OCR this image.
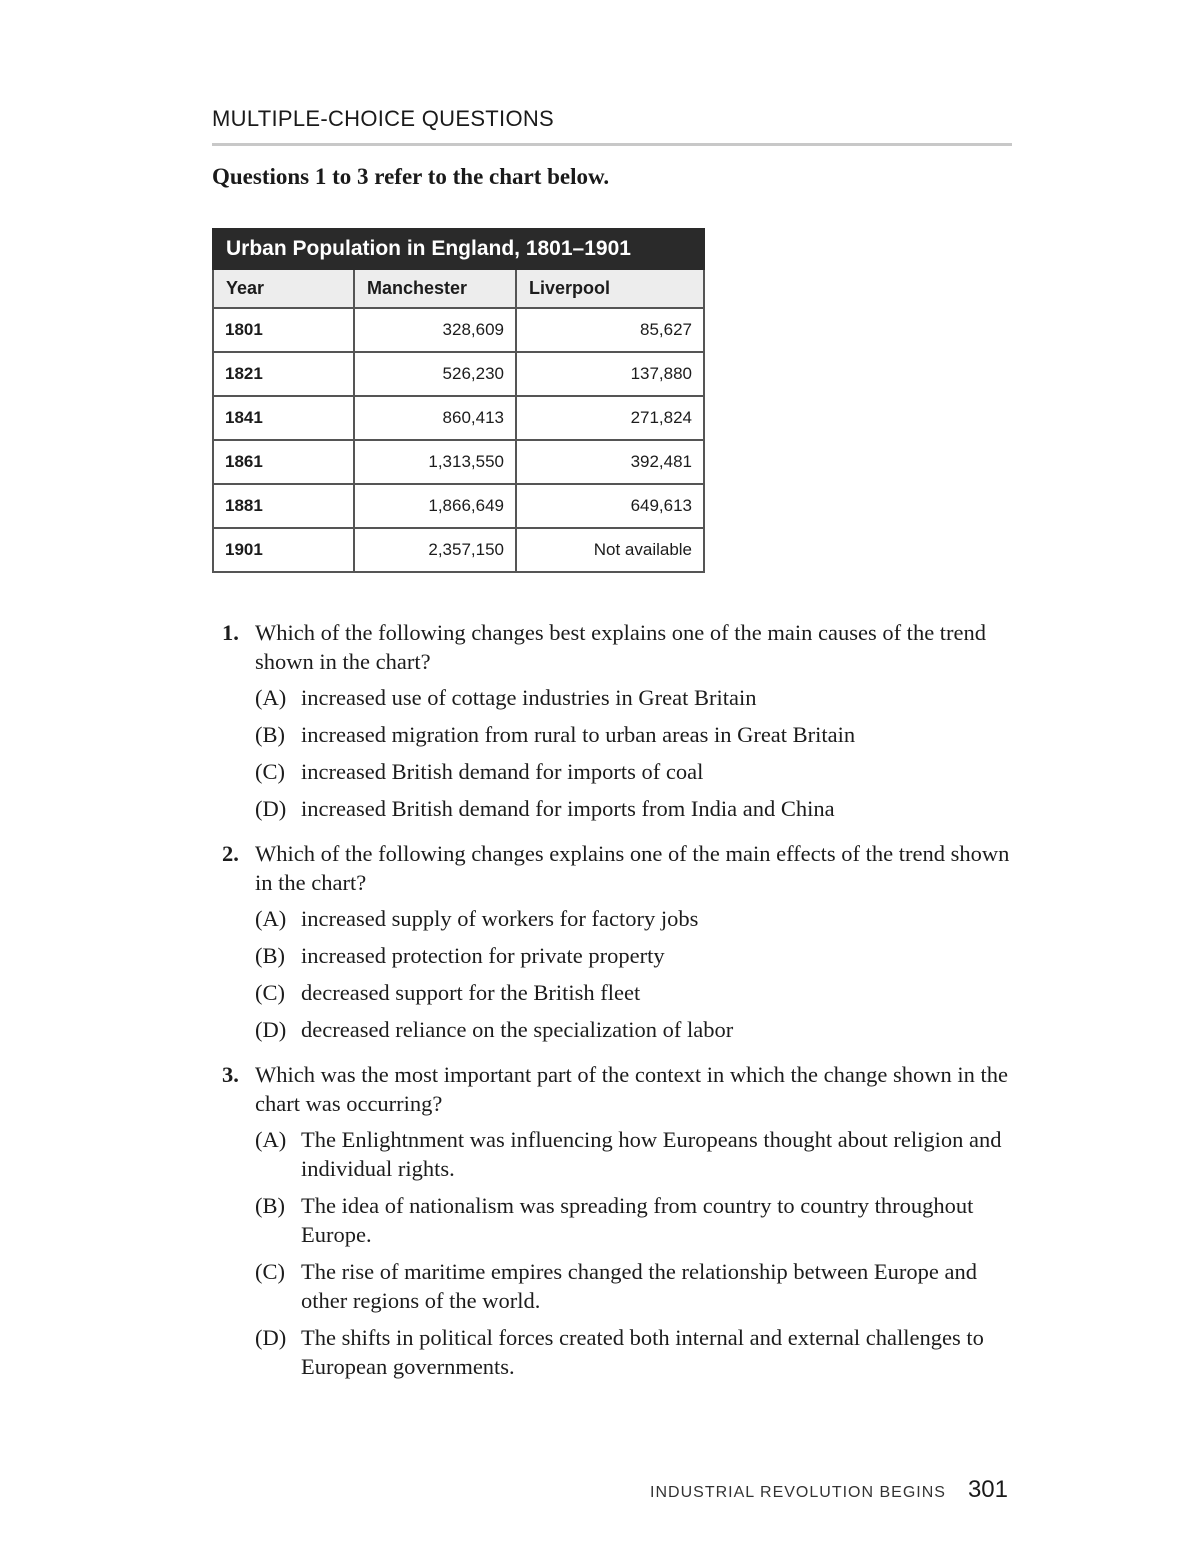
MULTIPLE-CHOICE QUESTIONS
Questions 1 to 3 refer to the chart below.
Urban Population in England, 1801–1901		
Year	Manchester	Liverpool
1801	328,609	85,627
1821	526,230	137,880
1841	860,413	271,824
1861	1,313,550	392,481
1881	1,866,649	649,613
1901	2,357,150	Not available
1. Which of the following changes best explains one of the main causes of the trend shown in the chart?
(A) increased use of cottage industries in Great Britain
(B) increased migration from rural to urban areas in Great Britain
(C) increased British demand for imports of coal
(D) increased British demand for imports from India and China
2. Which of the following changes explains one of the main effects of the trend shown in the chart?
(A) increased supply of workers for factory jobs
(B) increased protection for private property
(C) decreased support for the British fleet
(D) decreased reliance on the specialization of labor
3. Which was the most important part of the context in which the change shown in the chart was occurring?
(A) The Enlightnment was influencing how Europeans thought about religion and individual rights.
(B) The idea of nationalism was spreading from country to country throughout Europe.
(C) The rise of maritime empires changed the relationship between Europe and other regions of the world.
(D) The shifts in political forces created both internal and external challenges to European governments.
INDUSTRIAL REVOLUTION BEGINS 301
